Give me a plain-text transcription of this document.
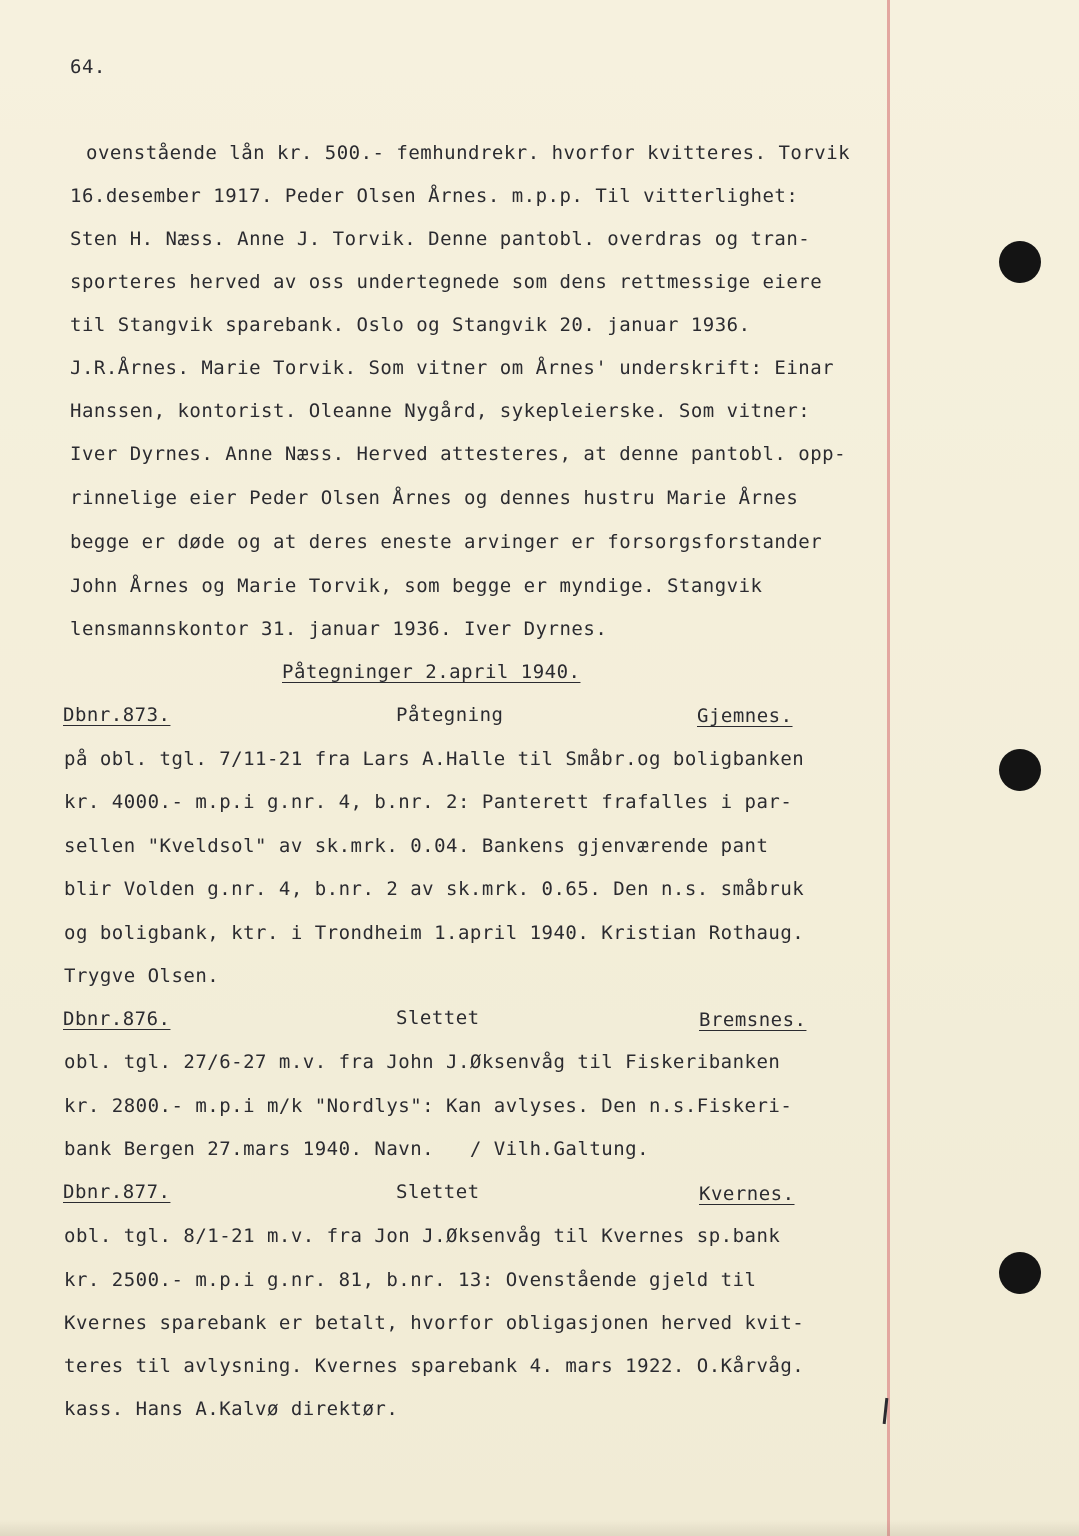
64.
ovenstående lån kr. 500.- femhundrekr. hvorfor kvitteres. Torvik
16.desember 1917. Peder Olsen Årnes. m.p.p. Til vitterlighet:
Sten H. Næss. Anne J. Torvik. Denne pantobl. overdras og tran-
sporteres herved av oss undertegnede som dens rettmessige eiere
til Stangvik sparebank. Oslo og Stangvik 20. januar 1936.
J.R.Årnes. Marie Torvik. Som vitner om Årnes' underskrift: Einar
Hanssen, kontorist. Oleanne Nygård, sykepleierske. Som vitner:
Iver Dyrnes. Anne Næss. Herved attesteres, at denne pantobl. opp-
rinnelige eier Peder Olsen Årnes og dennes hustru Marie Årnes
begge er døde og at deres eneste arvinger er forsorgsforstander
John Årnes og Marie Torvik, som begge er myndige. Stangvik
lensmannskontor 31. januar 1936. Iver Dyrnes.
Påtegninger 2.april 1940.
Dbnr.873.	Påtegning	Gjemnes.
på obl. tgl. 7/11-21 fra Lars A.Halle til Småbr.og boligbanken
kr. 4000.- m.p.i g.nr. 4, b.nr. 2: Panterett frafalles i par-
sellen "Kveldsol" av sk.mrk. 0.04. Bankens gjenværende pant
blir Volden g.nr. 4, b.nr. 2 av sk.mrk. 0.65. Den n.s. småbruk
og boligbank, ktr. i Trondheim 1.april 1940. Kristian Rothaug.
Trygve Olsen.
Dbnr.876.	Slettet	Bremsnes.
obl. tgl. 27/6-27 m.v. fra John J.Øksenvåg til Fiskeribanken
kr. 2800.- m.p.i m/k "Nordlys": Kan avlyses. Den n.s.Fiskeri-
bank Bergen 27.mars 1940. Navn.   / Vilh.Galtung.
Dbnr.877.	Slettet	Kvernes.
obl. tgl. 8/1-21 m.v. fra Jon J.Øksenvåg til Kvernes sp.bank
kr. 2500.- m.p.i g.nr. 81, b.nr. 13: Ovenstående gjeld til
Kvernes sparebank er betalt, hvorfor obligasjonen herved kvit-
teres til avlysning. Kvernes sparebank 4. mars 1922. O.Kårvåg.
kass. Hans A.Kalvø direktør.
